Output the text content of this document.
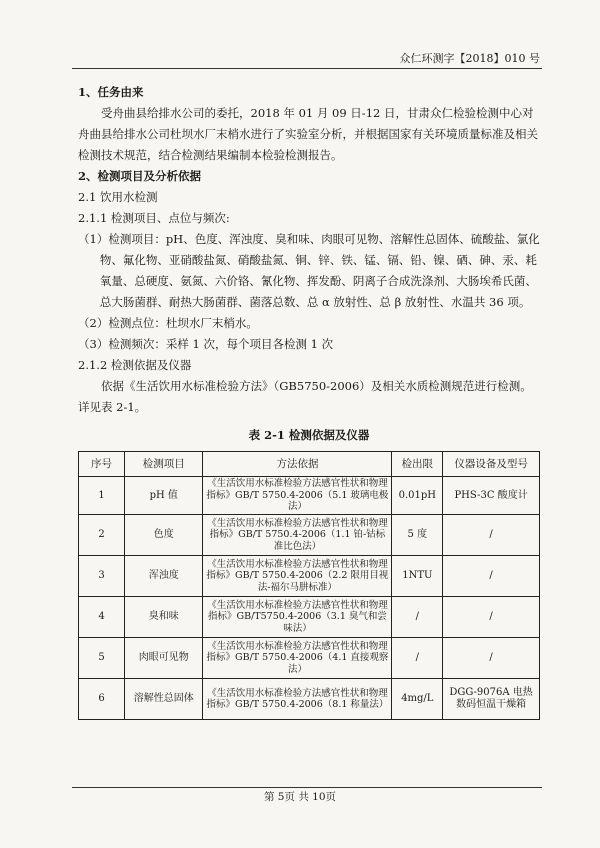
众仁环测字【2018】010 号
1、任务由来

受舟曲县给排水公司的委托，2018 年 01 月 09 日-12 日，甘肃众仁检验检测中心对舟曲县给排水公司杜坝水厂末梢水进行了实验室分析，并根据国家有关环境质量标准及相关检测技术规范，结合检测结果编制本检验检测报告。

2、检测项目及分析依据
2.1 饮用水检测
2.1.1 检测项目、点位与频次:
（1）检测项目：pH、色度、浑浊度、臭和味、肉眼可见物、溶解性总固体、硫酸盐、氯化物、氟化物、亚硝酸盐氮、硝酸盐氮、铜、锌、铁、锰、镉、铅、镍、硒、砷、汞、耗氧量、总硬度、氨氮、六价铬、氰化物、挥发酚、阴离子合成洗涤剂、大肠埃希氏菌、总大肠菌群、耐热大肠菌群、菌落总数、总 α 放射性、总 β 放射性、水温共 36 项。
（2）检测点位：杜坝水厂末梢水。
（3）检测频次：采样 1 次，每个项目各检测 1 次
2.1.2 检测依据及仪器

依据《生活饮用水标准检验方法》（GB5750-2006）及相关水质检测规范进行检测。详见表 2-1。

表 2-1 检测依据及仪器
序号	检测项目	方法依据	检出限	仪器设备及型号
1	pH 值	《生活饮用水标准检验方法感官性状和物理指标》GB/T 5750.4-2006（5.1 玻璃电极法）	0.01pH	PHS-3C 酸度计
2	色度	《生活饮用水标准检验方法感官性状和物理指标》GB/T 5750.4-2006（1.1 铂-钴标准比色法）	5 度	/
3	浑浊度	《生活饮用水标准检验方法感官性状和物理指标》GB/T 5750.4-2006（2.2 限用目视法-福尔马肼标准）	1NTU	/
4	臭和味	《生活饮用水标准检验方法感官性状和物理指标》GB/T5750.4-2006（3.1 臭气和尝味法）	/	/
5	肉眼可见物	《生活饮用水标准检验方法感官性状和物理指标》GB/T 5750.4-2006（4.1 直接观察法）	/	/
6	溶解性总固体	《生活饮用水标准检验方法感官性状和物理指标》GB/T 5750.4-2006（8.1 称量法）	4mg/L	DGG-9076A 电热数码恒温干燥箱
第 5页 共 10页
